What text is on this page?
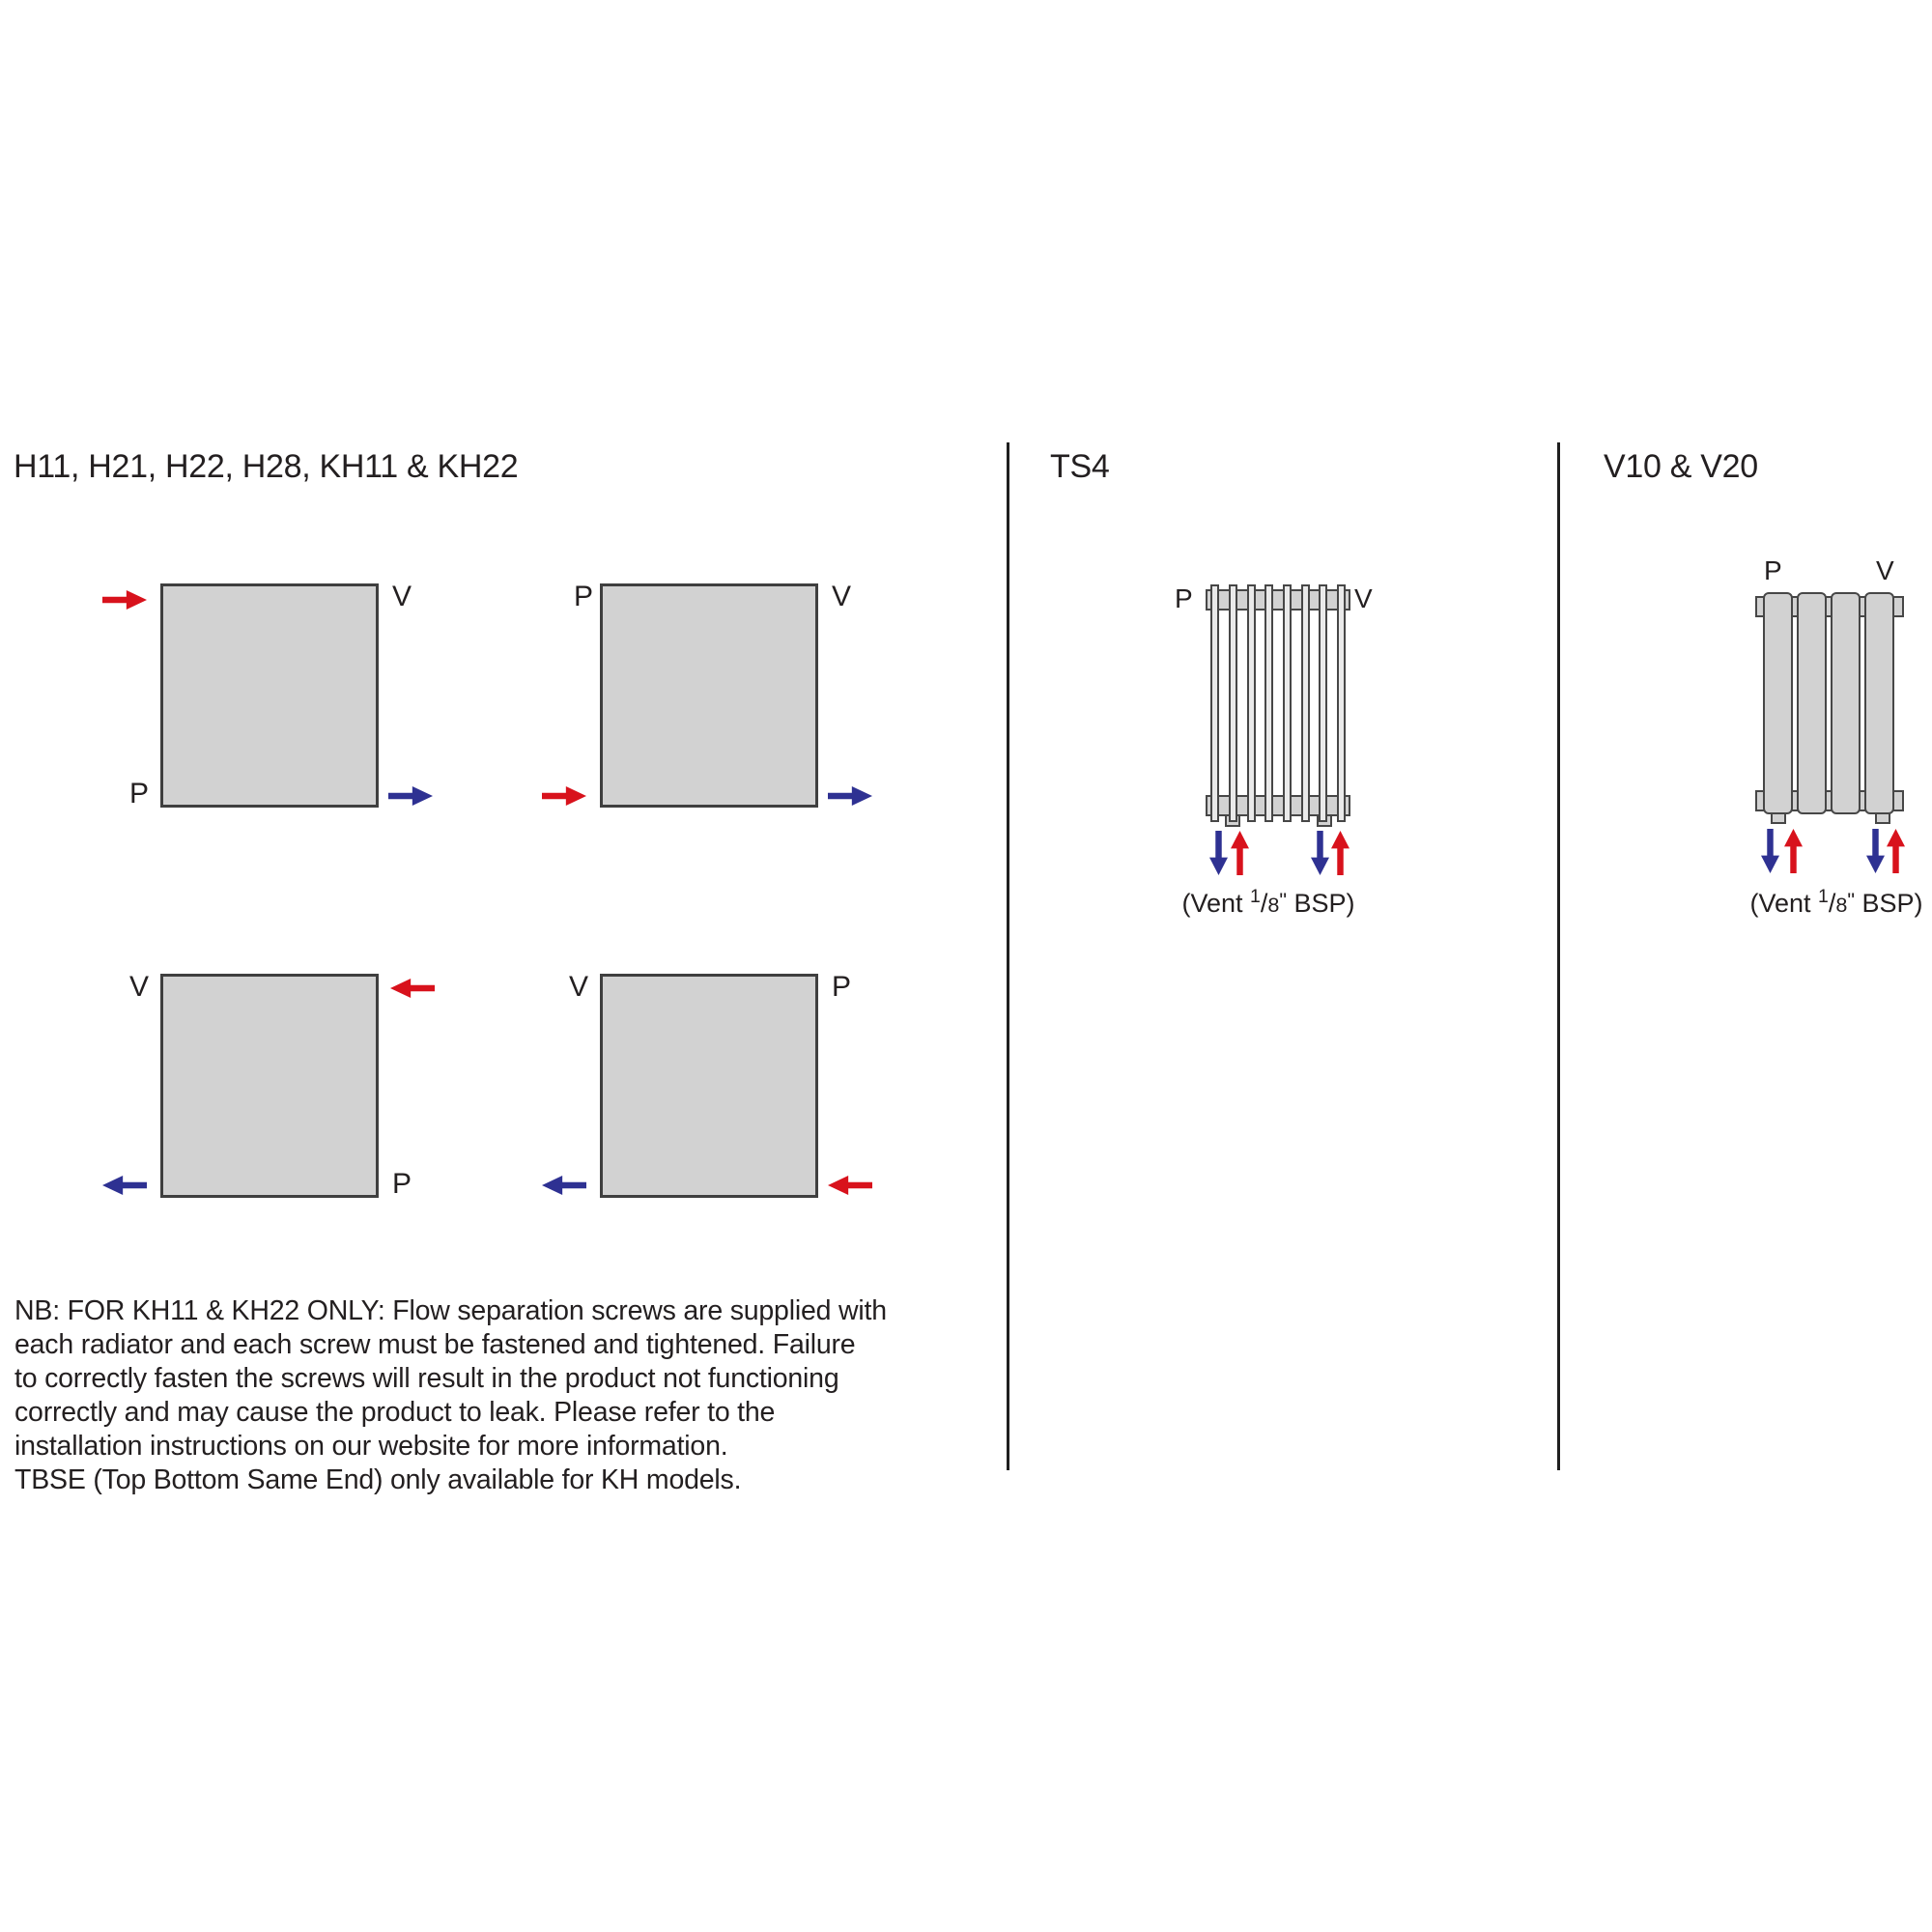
H11, H21, H22, H28, KH11 & KH22
V
P
P	V
V
P
V	P
NB: FOR KH11 & KH22 ONLY: Flow separation screws are supplied with
each radiator and each screw must be fastened and tightened. Failure
to correctly fasten the screws will result in the product not functioning
correctly and may cause the product to leak. Please refer to the
installation instructions on our website for more information.
TBSE (Top Bottom Same End) only available for KH models.
TS4
P	V
(Vent $^1$/8" BSP)
V10 & V20
P	V
(Vent $^1$/8" BSP)
